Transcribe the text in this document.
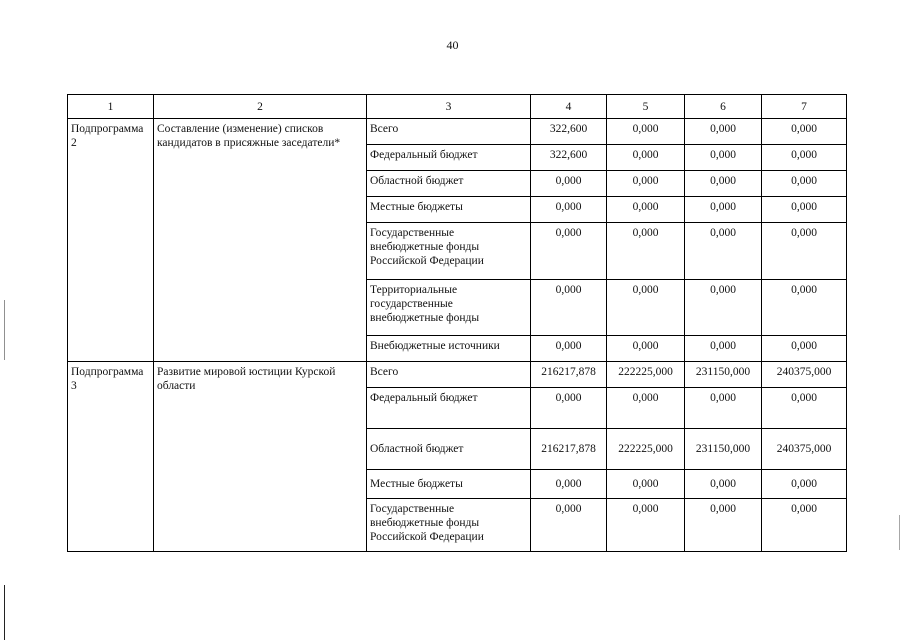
40
1	2	3	4	5	6	7
Подпрограмма 2	Составление (изменение) списков кандидатов в присяжные заседатели*	Всего	322,600	0,000	0,000	0,000
		Федеральный бюджет	322,600	0,000	0,000	0,000
		Областной бюджет	0,000	0,000	0,000	0,000
		Местные бюджеты	0,000	0,000	0,000	0,000
		Государственные внебюджетные фонды Российской Федерации	0,000	0,000	0,000	0,000
		Территориальные государственные внебюджетные фонды	0,000	0,000	0,000	0,000
		Внебюджетные источники	0,000	0,000	0,000	0,000
Подпрограмма 3	Развитие мировой юстиции Курской области	Всего	216217,878	222225,000	231150,000	240375,000
		Федеральный бюджет	0,000	0,000	0,000	0,000
		Областной бюджет	216217,878	222225,000	231150,000	240375,000
		Местные бюджеты	0,000	0,000	0,000	0,000
		Государственные внебюджетные фонды Российской Федерации	0,000	0,000	0,000	0,000
